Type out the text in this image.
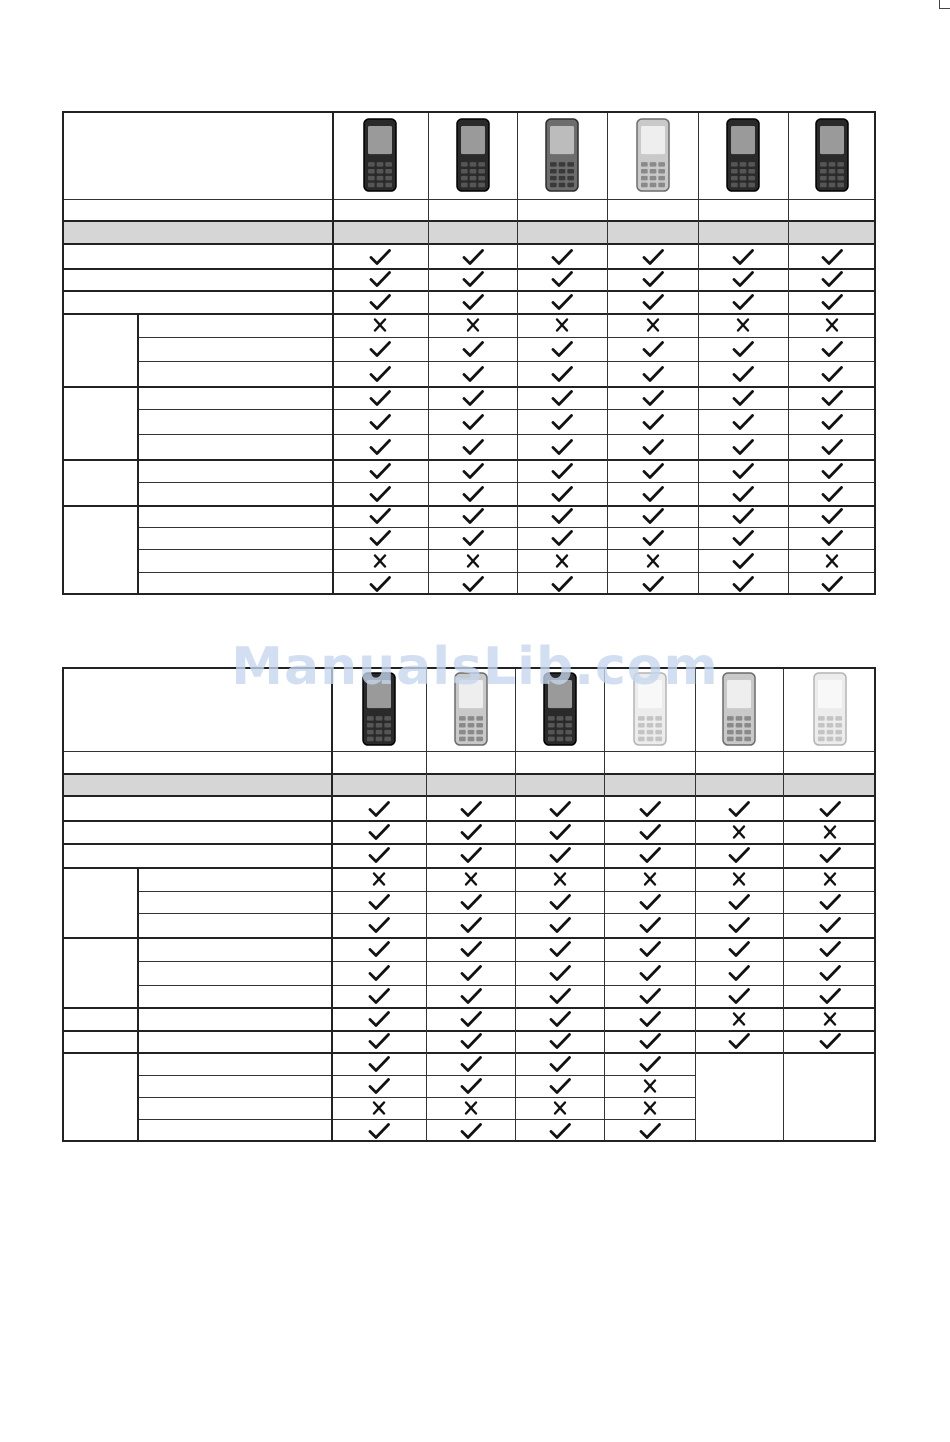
ManualsLib.com
